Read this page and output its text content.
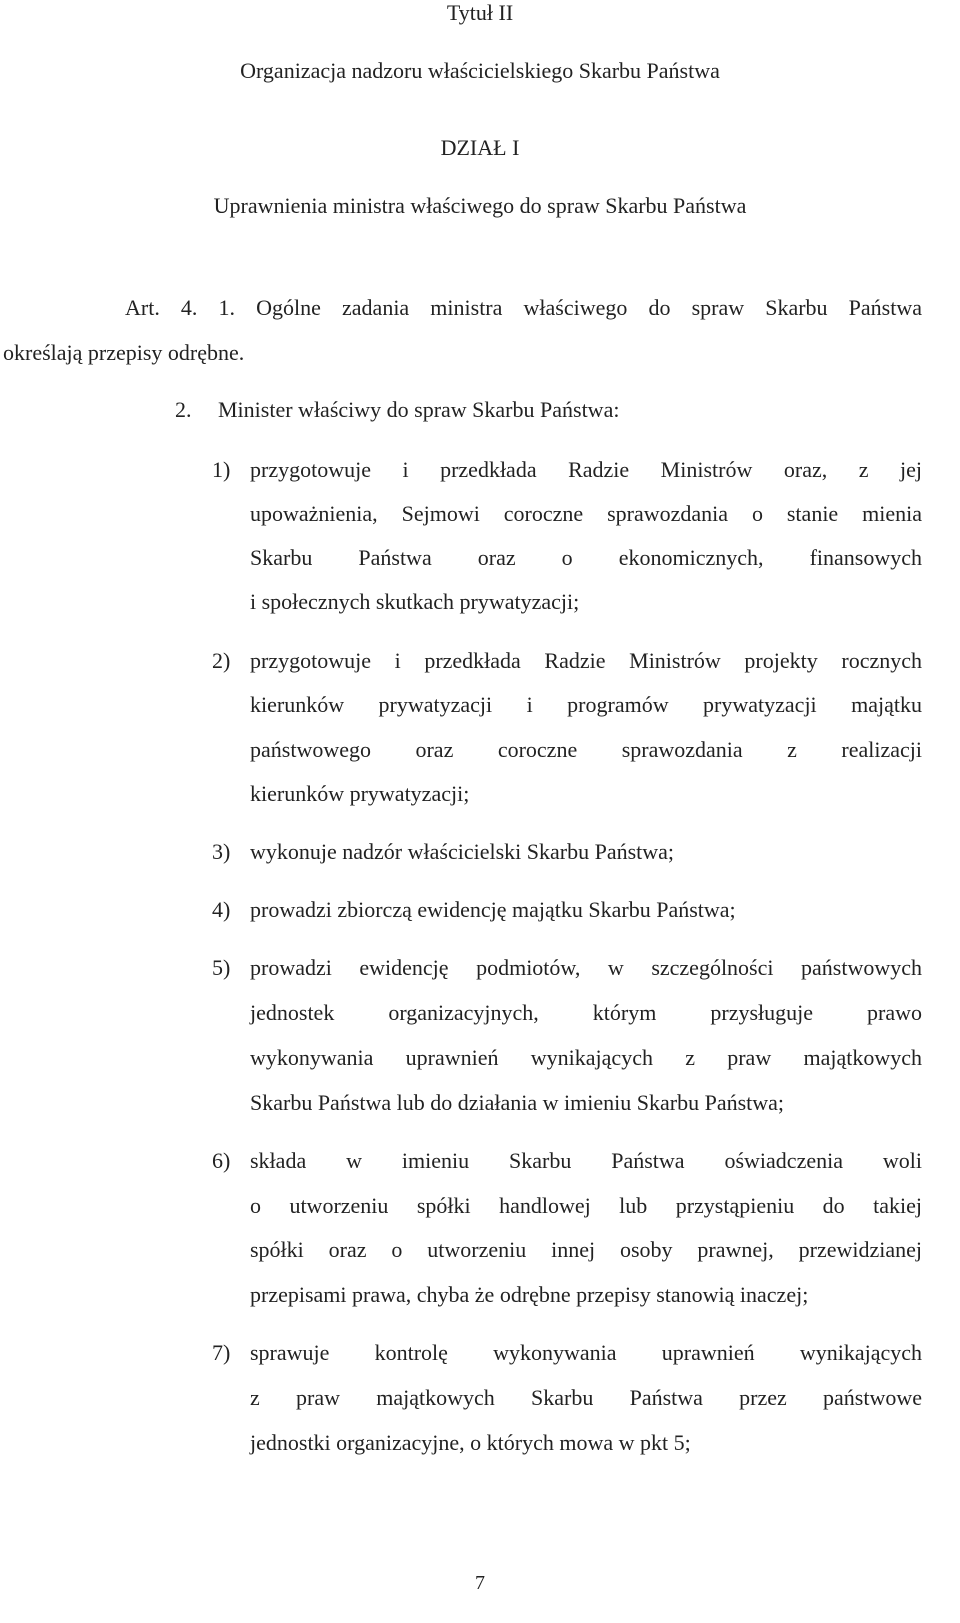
Tytuł II
Organizacja nadzoru właścicielskiego Skarbu Państwa
DZIAŁ I
Uprawnienia ministra właściwego do spraw Skarbu Państwa
Art. 4. 1. Ogólne zadania ministra właściwego do spraw Skarbu Państwa
określają przepisy odrębne.
2. Minister właściwy do spraw Skarbu Państwa:
1) przygotowuje i przedkłada Radzie Ministrów oraz, z jej
upoważnienia, Sejmowi coroczne sprawozdania o stanie mienia
Skarbu Państwa oraz o ekonomicznych, finansowych
i społecznych skutkach prywatyzacji;
2) przygotowuje i przedkłada Radzie Ministrów projekty rocznych
kierunków prywatyzacji i programów prywatyzacji majątku
państwowego oraz coroczne sprawozdania z realizacji
kierunków prywatyzacji;
3) wykonuje nadzór właścicielski Skarbu Państwa;
4) prowadzi zbiorczą ewidencję majątku Skarbu Państwa;
5) prowadzi ewidencję podmiotów, w szczególności państwowych
jednostek organizacyjnych, którym przysługuje prawo
wykonywania uprawnień wynikających z praw majątkowych
Skarbu Państwa lub do działania w imieniu Skarbu Państwa;
6) składa w imieniu Skarbu Państwa oświadczenia woli
o utworzeniu spółki handlowej lub przystąpieniu do takiej
spółki oraz o utworzeniu innej osoby prawnej, przewidzianej
przepisami prawa, chyba że odrębne przepisy stanowią inaczej;
7) sprawuje kontrolę wykonywania uprawnień wynikających
z praw majątkowych Skarbu Państwa przez państwowe
jednostki organizacyjne, o których mowa w pkt 5;
7
